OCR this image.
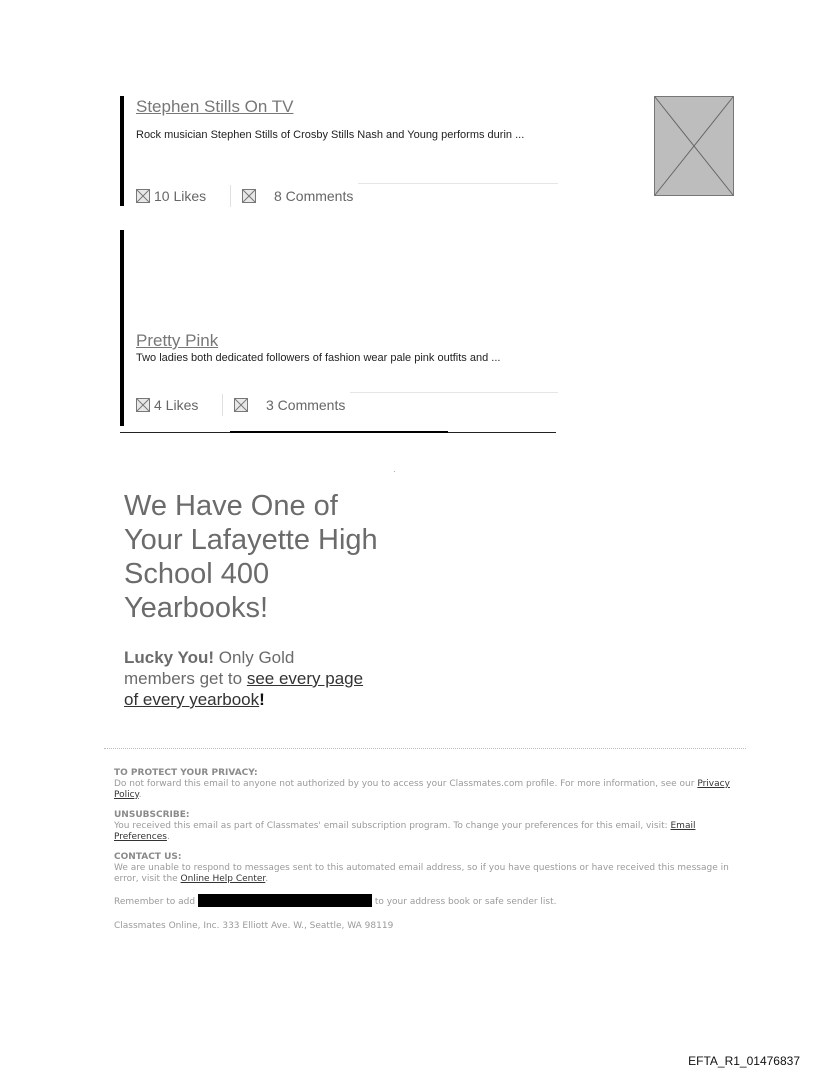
Stephen Stills On TV
Rock musician Stephen Stills of Crosby Stills Nash and Young performs durin ...
10 Likes	8 Comments
Pretty Pink
Two ladies both dedicated followers of fashion wear pale pink outfits and ...
4 Likes	3 Comments
We Have One of Your Lafayette High School 400 Yearbooks!
Lucky You! Only Gold members get to see every page of every yearbook!
TO PROTECT YOUR PRIVACY:
Do not forward this email to anyone not authorized by you to access your Classmates.com profile. For more information, see our Privacy Policy.
UNSUBSCRIBE:
You received this email as part of Classmates' email subscription program. To change your preferences for this email, visit: Email Preferences.
CONTACT US:
We are unable to respond to messages sent to this automated email address, so if you have questions or have received this message in error, visit the Online Help Center.
Remember to add	to your address book or safe sender list.
Classmates Online, Inc. 333 Elliott Ave. W., Seattle, WA 98119
EFTA_R1_01476837
